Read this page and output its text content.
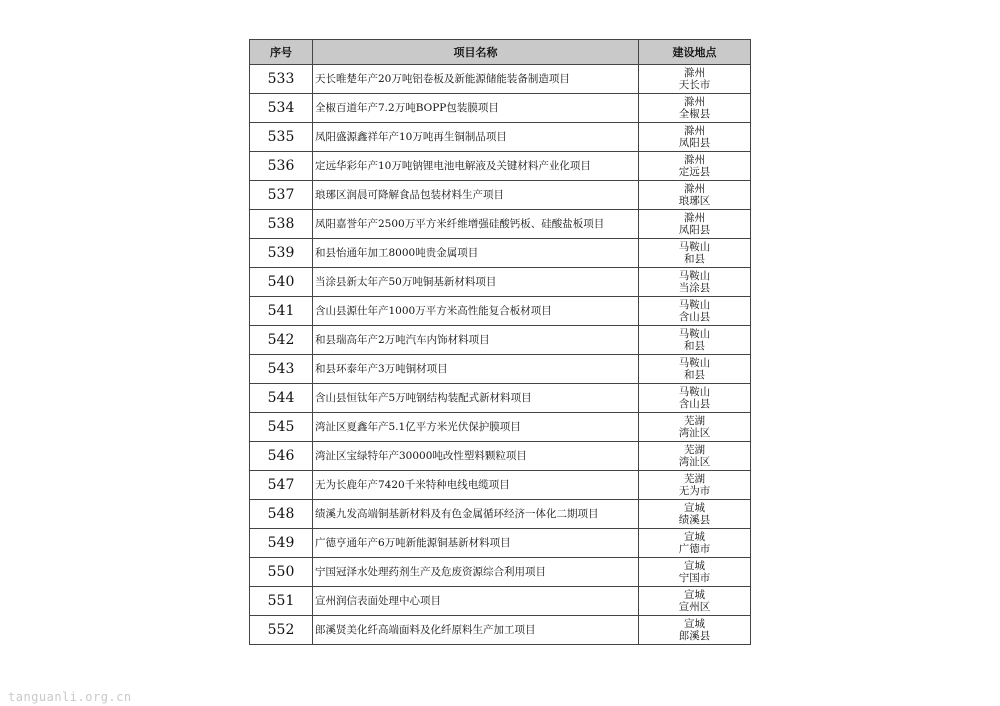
序号	项目名称	建设地点
533	天长唯楚年产20万吨铝卷板及新能源储能装备制造项目	滁州
天长市

534	全椒百道年产7.2万吨BOPP包装膜项目	滁州
全椒县

535	凤阳盛源鑫祥年产10万吨再生铜制品项目	滁州
凤阳县

536	定远华彩年产10万吨钠锂电池电解液及关键材料产业化项目	滁州
定远县

537	琅琊区润晨可降解食品包装材料生产项目	滁州
琅琊区

538	凤阳嘉誉年产2500万平方米纤维增强硅酸钙板、硅酸盐板项目	滁州
凤阳县

539	和县怡通年加工8000吨贵金属项目	马鞍山
和县

540	当涂县新太年产50万吨铜基新材料项目	马鞍山
当涂县

541	含山县源仕年产1000万平方米高性能复合板材项目	马鞍山
含山县

542	和县瑞高年产2万吨汽车内饰材料项目	马鞍山
和县

543	和县环泰年产3万吨铜材项目	马鞍山
和县

544	含山县恒钛年产5万吨钢结构装配式新材料项目	马鞍山
含山县

545	湾沚区夏鑫年产5.1亿平方米光伏保护膜项目	芜湖
湾沚区

546	湾沚区宝绿特年产30000吨改性塑料颗粒项目	芜湖
湾沚区

547	无为长鹿年产7420千米特种电线电缆项目	芜湖
无为市

548	绩溪九发高端铜基新材料及有色金属循环经济一体化二期项目	宣城
绩溪县

549	广德亨通年产6万吨新能源铜基新材料项目	宣城
广德市

550	宁国冠泽水处理药剂生产及危废资源综合利用项目	宣城
宁国市

551	宣州润信表面处理中心项目	宣城
宣州区

552	郎溪贤美化纤高端面料及化纤原料生产加工项目	宣城
郎溪县
tanguanli.org.cn
